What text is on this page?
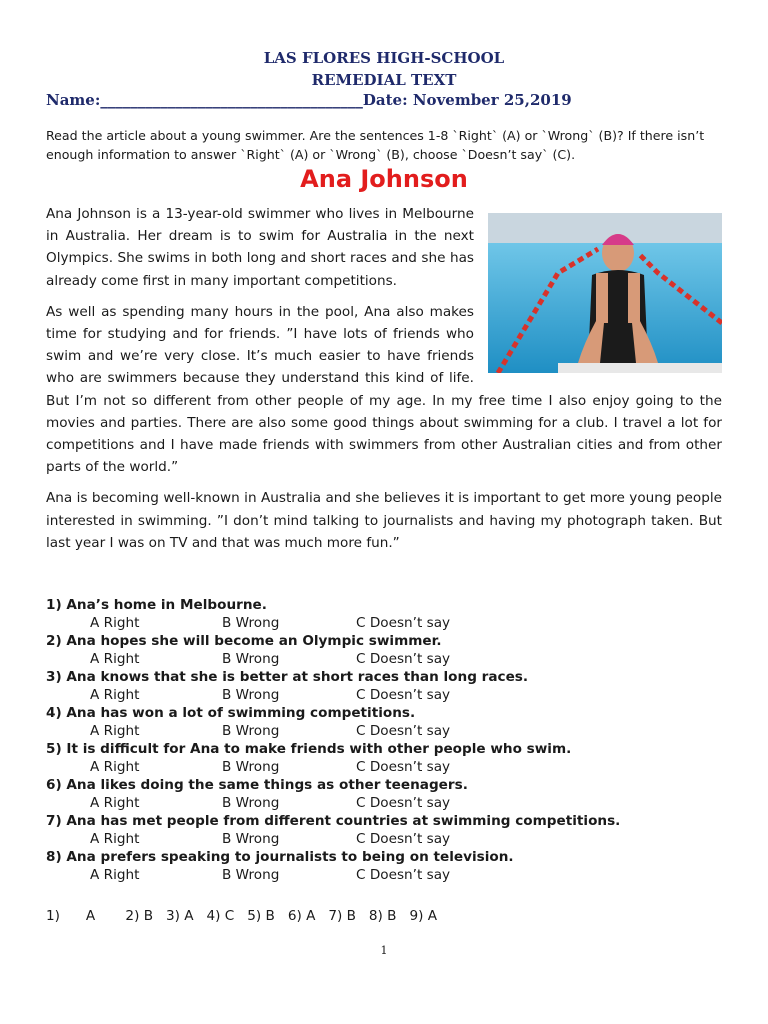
LAS FLORES HIGH-SCHOOL
REMEDIAL TEXT
Name:___________________________________Date: November 25,2019
Read the article about a young swimmer. Are the sentences 1-8 `Right` (A) or `Wrong` (B)? If there isn’t enough information to answer `Right` (A) or `Wrong` (B), choose `Doesn’t say` (C).
Ana Johnson

Ana Johnson is a 13-year-old swimmer who lives in Melbourne in Australia. Her dream is to swim for Australia in the next Olympics. She swims in both long and short races and she has already come first in many important competitions.

As well as spending many hours in the pool, Ana also makes time for studying and for friends. ”I have lots of friends who swim and we’re very close. It’s much easier to have friends who are swimmers because they understand this kind of life. But I’m not so different from other people of my age. In my free time I also enjoy going to the movies and parties. There are also some good things about swimming for a club. I travel a lot for competitions and I have made friends with swimmers from other Australian cities and from other parts of the world.”

Ana is becoming well-known in Australia and she believes it is important to get more young people interested in swimming. ”I don’t mind talking to journalists and having my photograph taken. But last year I was on TV and that was much more fun.”

1) Ana’s home in Melbourne.
A Right	B Wrong	C Doesn’t say
2) Ana hopes she will become an Olympic swimmer.
A Right	B Wrong	C Doesn’t say
3) Ana knows that she is better at short races than long races.
A Right	B Wrong	C Doesn’t say
4) Ana has won a lot of swimming competitions.
A Right	B Wrong	C Doesn’t say
5) It is difficult for Ana to make friends with other people who swim.
A Right	B Wrong	C Doesn’t say
6) Ana likes doing the same things as other teenagers.
A Right	B Wrong	C Doesn’t say
7) Ana has met people from different countries at swimming competitions.
A Right	B Wrong	C Doesn’t say
8) Ana prefers speaking to journalists to being on television.
A Right	B Wrong	C Doesn’t say
1)      A       2) B   3) A   4) C   5) B   6) A   7) B   8) B   9) A
1
